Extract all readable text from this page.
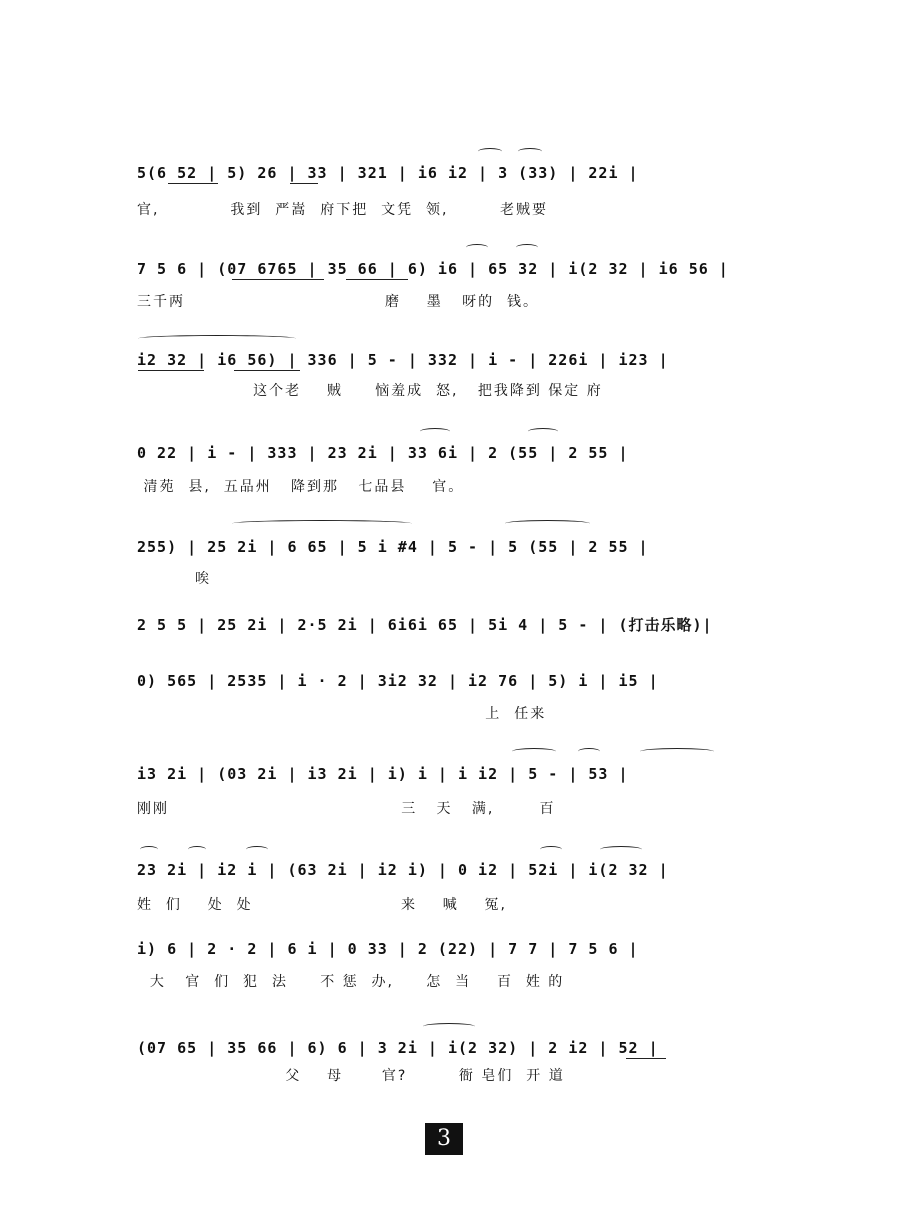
5(6 52 | 5) 26 | 33 | 321 | i6 i2 | 3 (33) | 22i |
官,           我到  严嵩  府下把  文凭  领,        老贼要
7 5 6 | (07 6765 | 35 66 | 6) i6 | 65 32 | i(2 32 | i6 56 |
三千两                               磨    墨   呀的  钱。
i2 32 | i6 56) | 336 | 5 - | 332 | i - | 226i | i23 |
这个老    贼     恼羞成  怒,   把我降到 保定 府
0 22 | i - | 333 | 23 2i | 33 6i | 2 (55 | 2 55 |
清苑  县,  五品州   降到那   七品县    官。
255) | 25 2i | 6 65 | 5 i #4 | 5 - | 5 (55 | 2 55 |
唉
2 5 5 | 25 2i | 2·5 2i | 6i6i 65 | 5i 4 | 5 - | (打击乐略)|
0) 565 | 2535 | i · 2 | 3i2 32 | i2 76 | 5) i | i5 |
上  任来
i3 2i | (03 2i | i3 2i | i) i | i i2 | 5 - | 53 |
刚刚                                    三   天   满,       百
23 2i | i2 i | (63 2i | i2 i) | 0 i2 | 52i | i(2 32 |
姓  们    处  处                       来    喊    冤,
i) 6 | 2 · 2 | 6 i | 0 33 | 2 (22) | 7 7 | 7 5 6 |
大   官  们  犯  法     不 惩  办,     怎  当    百  姓 的
(07 65 | 35 66 | 6) 6 | 3 2i | i(2 32) | 2 i2 | 52 |
父    母      官?        衙 皂们  开 道
3
